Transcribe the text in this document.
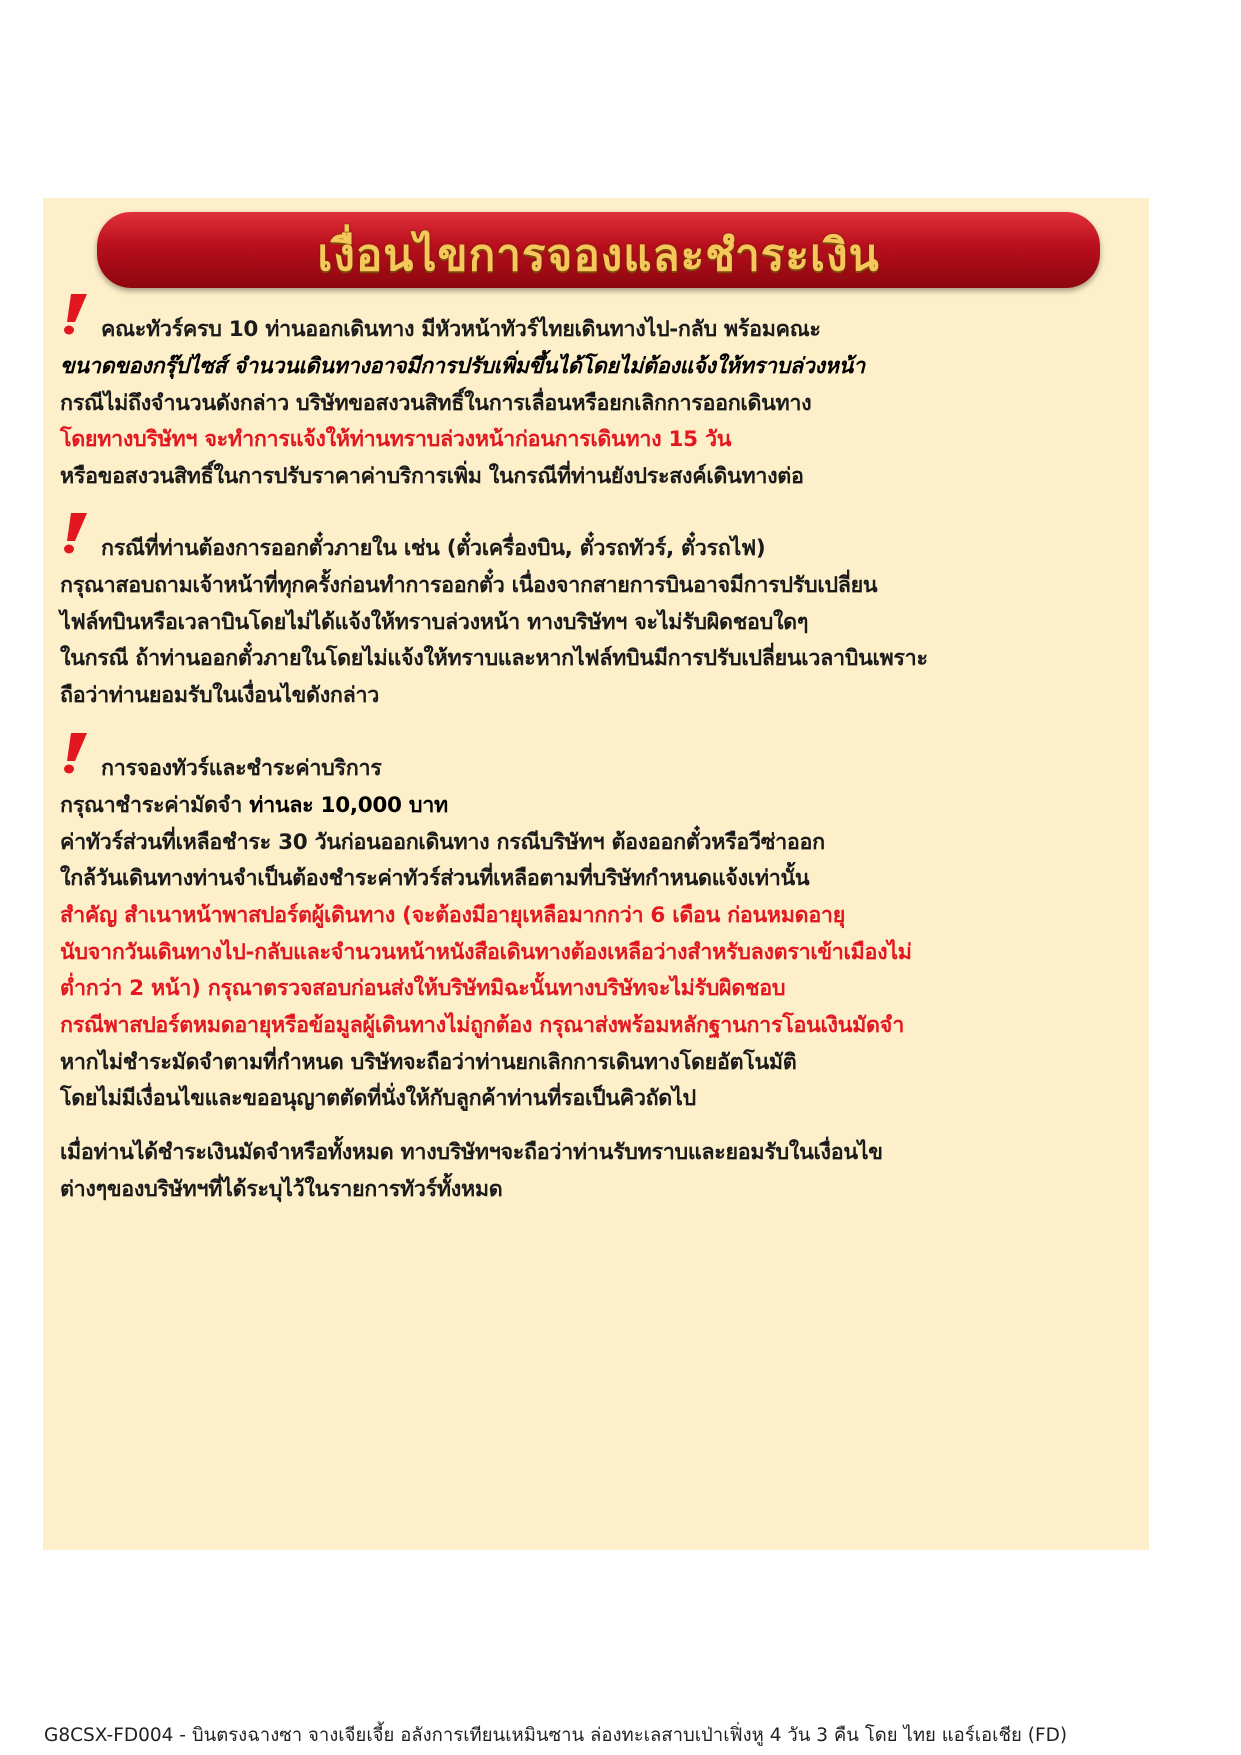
เงื่อนไขการจองและชำระเงิน
คณะทัวร์ครบ 10 ท่านออกเดินทาง มีหัวหน้าทัวร์ไทยเดินทางไป-กลับ พร้อมคณะ
ขนาดของกรุ๊ปไซส์ จำนวนเดินทางอาจมีการปรับเพิ่มขึ้นได้โดยไม่ต้องแจ้งให้ทราบล่วงหน้า
กรณีไม่ถึงจำนวนดังกล่าว บริษัทขอสงวนสิทธิ์ในการเลื่อนหรือยกเลิกการออกเดินทาง
โดยทางบริษัทฯ จะทำการแจ้งให้ท่านทราบล่วงหน้าก่อนการเดินทาง 15 วัน
หรือขอสงวนสิทธิ์ในการปรับราคาค่าบริการเพิ่ม ในกรณีที่ท่านยังประสงค์เดินทางต่อ
กรณีที่ท่านต้องการออกตั๋วภายใน เช่น (ตั๋วเครื่องบิน, ตั๋วรถทัวร์, ตั๋วรถไฟ)
กรุณาสอบถามเจ้าหน้าที่ทุกครั้งก่อนทำการออกตั๋ว เนื่องจากสายการบินอาจมีการปรับเปลี่ยน
ไฟล์ทบินหรือเวลาบินโดยไม่ได้แจ้งให้ทราบล่วงหน้า ทางบริษัทฯ จะไม่รับผิดชอบใดๆ
ในกรณี ถ้าท่านออกตั๋วภายในโดยไม่แจ้งให้ทราบและหากไฟล์ทบินมีการปรับเปลี่ยนเวลาบินเพราะ
ถือว่าท่านยอมรับในเงื่อนไขดังกล่าว
การจองทัวร์และชำระค่าบริการ
กรุณาชำระค่ามัดจำ ท่านละ 10,000 บาท
ค่าทัวร์ส่วนที่เหลือชำระ 30 วันก่อนออกเดินทาง กรณีบริษัทฯ ต้องออกตั๋วหรือวีซ่าออก
ใกล้วันเดินทางท่านจำเป็นต้องชำระค่าทัวร์ส่วนที่เหลือตามที่บริษัทกำหนดแจ้งเท่านั้น
สำคัญ สำเนาหน้าพาสปอร์ตผู้เดินทาง (จะต้องมีอายุเหลือมากกว่า 6 เดือน ก่อนหมดอายุ
นับจากวันเดินทางไป-กลับและจำนวนหน้าหนังสือเดินทางต้องเหลือว่างสำหรับลงตราเข้าเมืองไม่
ต่ำกว่า 2 หน้า) กรุณาตรวจสอบก่อนส่งให้บริษัทมิฉะนั้นทางบริษัทจะไม่รับผิดชอบ
กรณีพาสปอร์ตหมดอายุหรือข้อมูลผู้เดินทางไม่ถูกต้อง กรุณาส่งพร้อมหลักฐานการโอนเงินมัดจำ
หากไม่ชำระมัดจำตามที่กำหนด บริษัทจะถือว่าท่านยกเลิกการเดินทางโดยอัตโนมัติ
โดยไม่มีเงื่อนไขและขออนุญาตตัดที่นั่งให้กับลูกค้าท่านที่รอเป็นคิวถัดไป
เมื่อท่านได้ชำระเงินมัดจำหรือทั้งหมด ทางบริษัทฯจะถือว่าท่านรับทราบและยอมรับในเงื่อนไข
ต่างๆของบริษัทฯที่ได้ระบุไว้ในรายการทัวร์ทั้งหมด
G8CSX-FD004 - บินตรงฉางซา จางเจียเจี้ย อลังการเทียนเหมินซาน ล่องทะเลสาบเป่าเฟิ่งหู 4 วัน 3 คืน โดย ไทย แอร์เอเชีย (FD)
